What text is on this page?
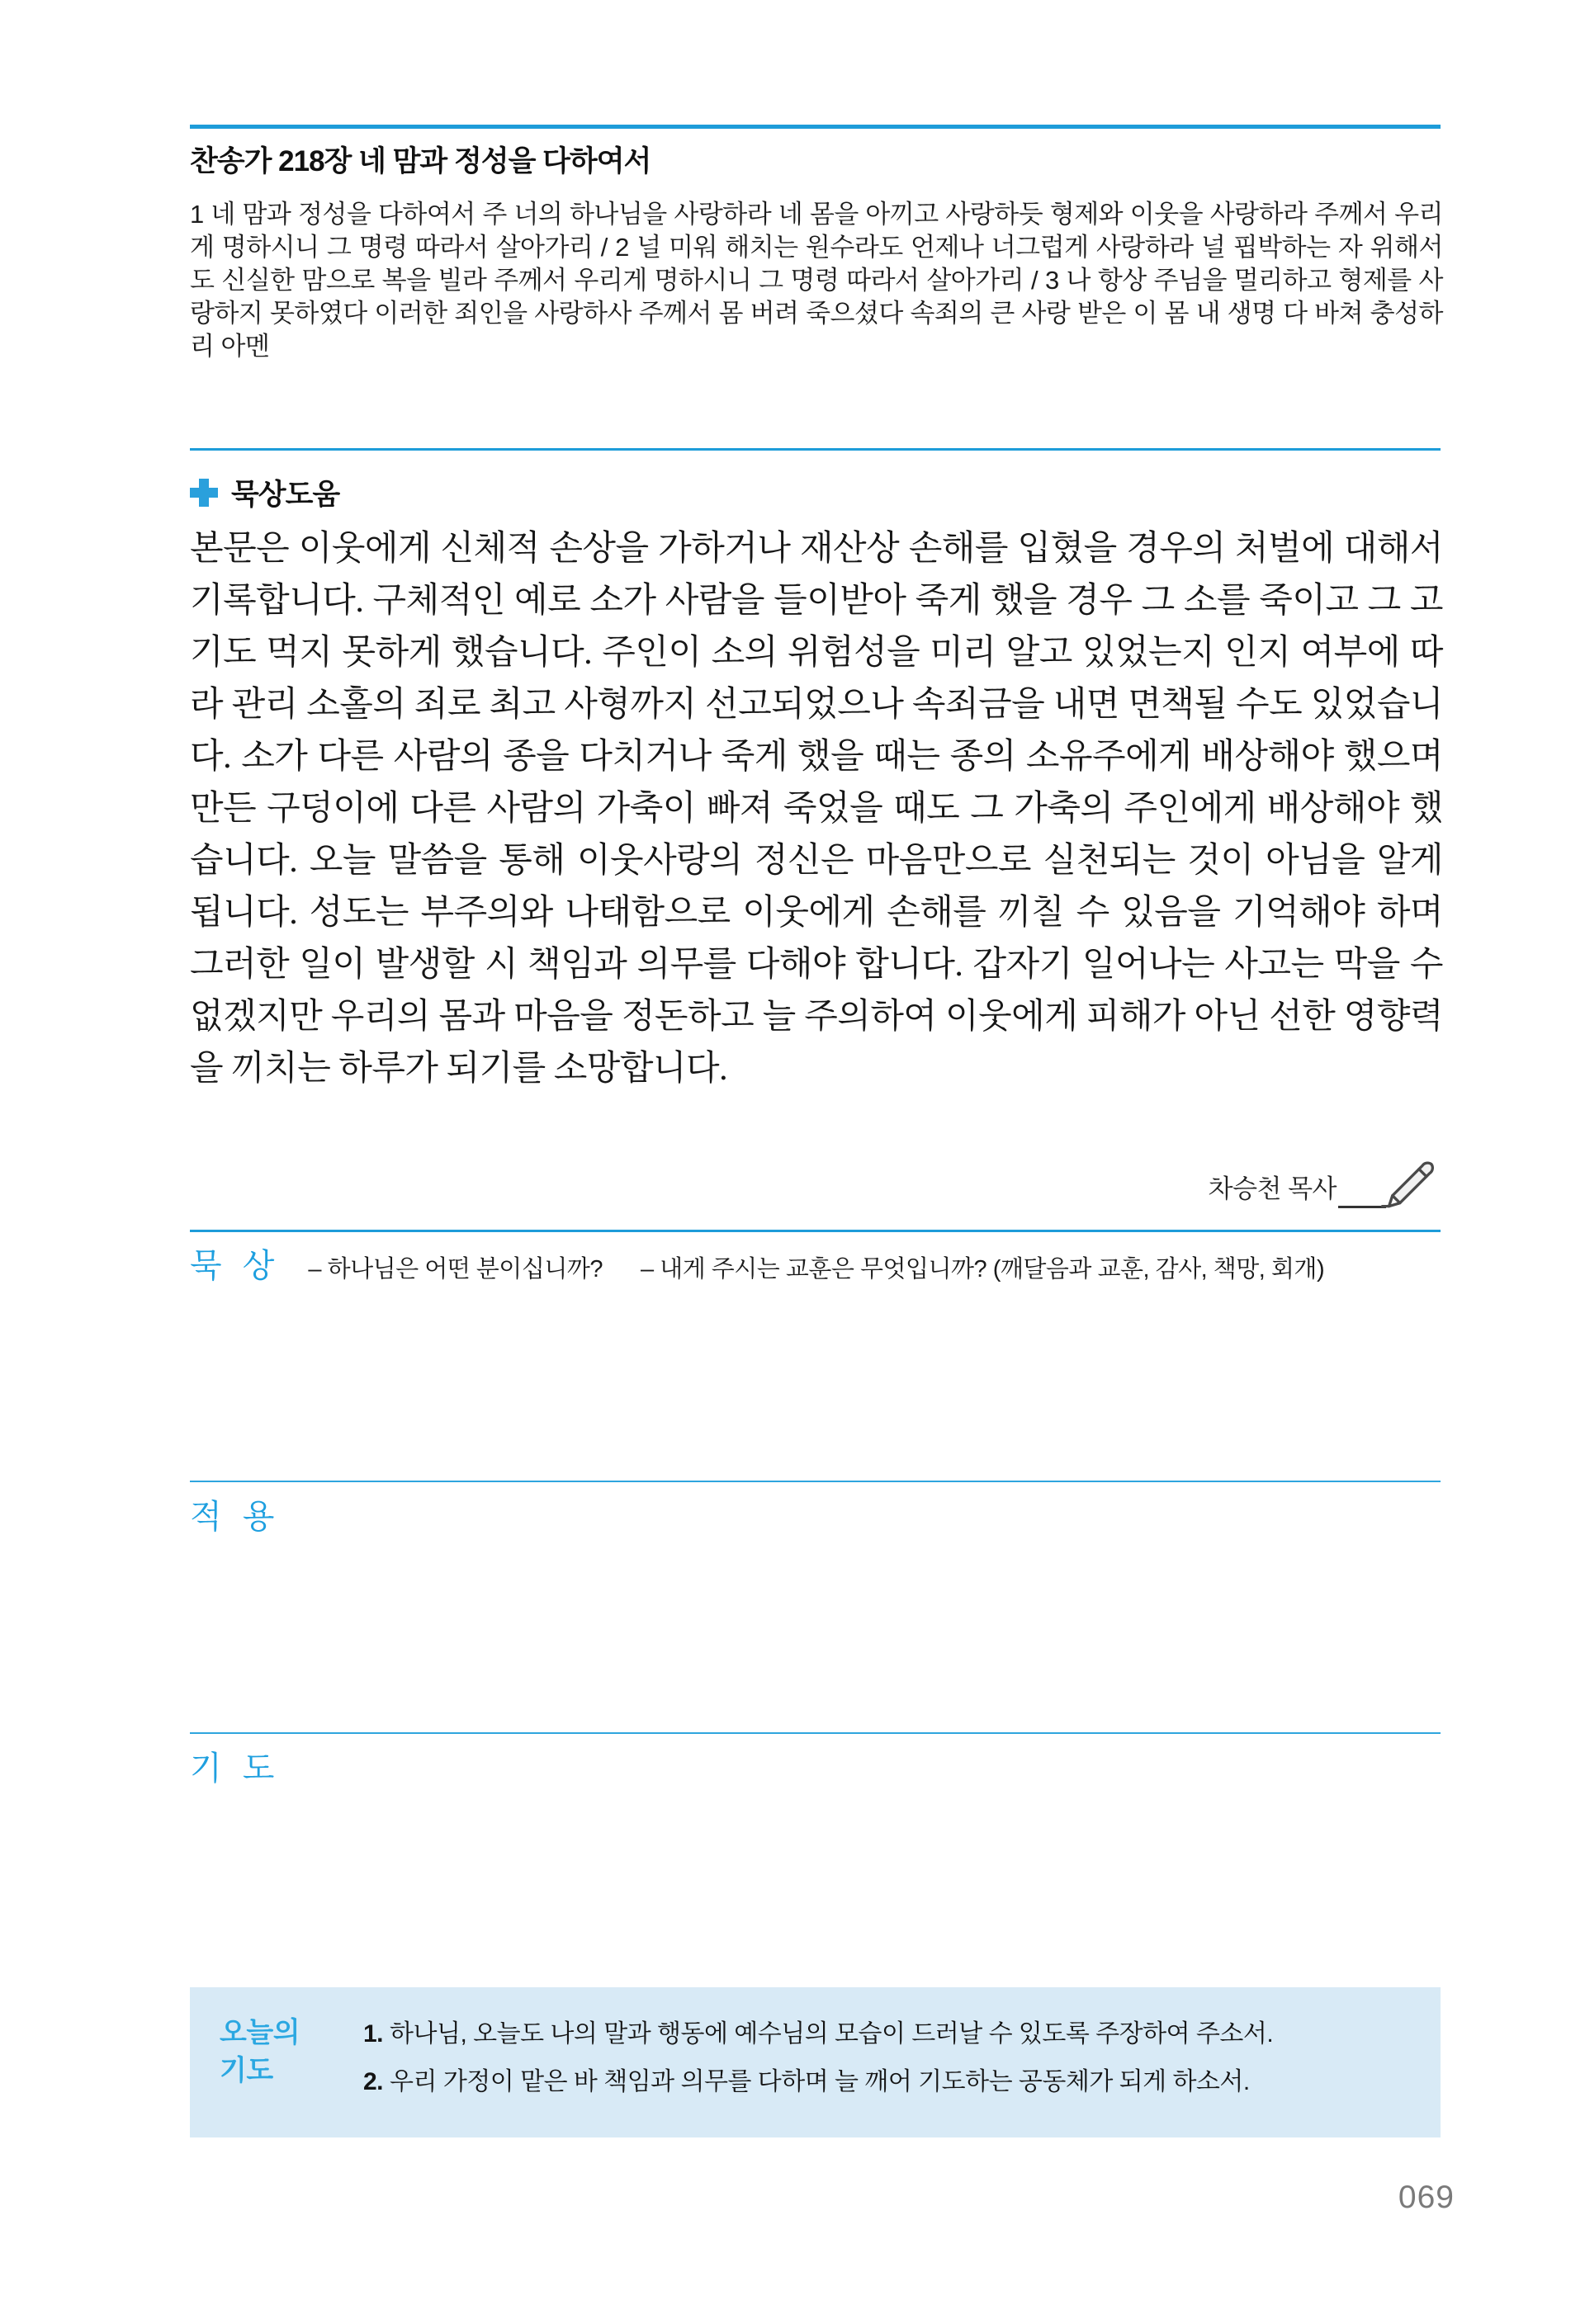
찬송가 218장 네 맘과 정성을 다하여서
1 네 맘과 정성을 다하여서 주 너의 하나님을 사랑하라 네 몸을 아끼고 사랑하듯 형제와 이웃을 사랑하라 주께서 우리게 명하시니 그 명령 따라서 살아가리 / 2 널 미워 해치는 원수라도 언제나 너그럽게 사랑하라 널 핍박하는 자 위해서도 신실한 맘으로 복을 빌라 주께서 우리게 명하시니 그 명령 따라서 살아가리 / 3 나 항상 주님을 멀리하고 형제를 사랑하지 못하였다 이러한 죄인을 사랑하사 주께서 몸 버려 죽으셨다 속죄의 큰 사랑 받은 이 몸 내 생명 다 바쳐 충성하리 아멘
묵상도움
본문은 이웃에게 신체적 손상을 가하거나 재산상 손해를 입혔을 경우의 처벌에 대해서 기록합니다. 구체적인 예로 소가 사람을 들이받아 죽게 했을 경우 그 소를 죽이고 그 고기도 먹지 못하게 했습니다. 주인이 소의 위험성을 미리 알고 있었는지 인지 여부에 따라 관리 소홀의 죄로 최고 사형까지 선고되었으나 속죄금을 내면 면책될 수도 있었습니다. 소가 다른 사람의 종을 다치거나 죽게 했을 때는 종의 소유주에게 배상해야 했으며 만든 구덩이에 다른 사람의 가축이 빠져 죽었을 때도 그 가축의 주인에게 배상해야 했습니다. 오늘 말씀을 통해 이웃사랑의 정신은 마음만으로 실천되는 것이 아님을 알게 됩니다. 성도는 부주의와 나태함으로 이웃에게 손해를 끼칠 수 있음을 기억해야 하며 그러한 일이 발생할 시 책임과 의무를 다해야 합니다. 갑자기 일어나는 사고는 막을 수 없겠지만 우리의 몸과 마음을 정돈하고 늘 주의하여 이웃에게 피해가 아닌 선한 영향력을 끼치는 하루가 되기를 소망합니다.
차승천 목사
묵 상 – 하나님은 어떤 분이십니까? – 내게 주시는 교훈은 무엇입니까? (깨달음과 교훈, 감사, 책망, 회개)
적 용
기 도
오늘의
기도
1. 하나님, 오늘도 나의 말과 행동에 예수님의 모습이 드러날 수 있도록 주장하여 주소서.
2. 우리 가정이 맡은 바 책임과 의무를 다하며 늘 깨어 기도하는 공동체가 되게 하소서.
069
